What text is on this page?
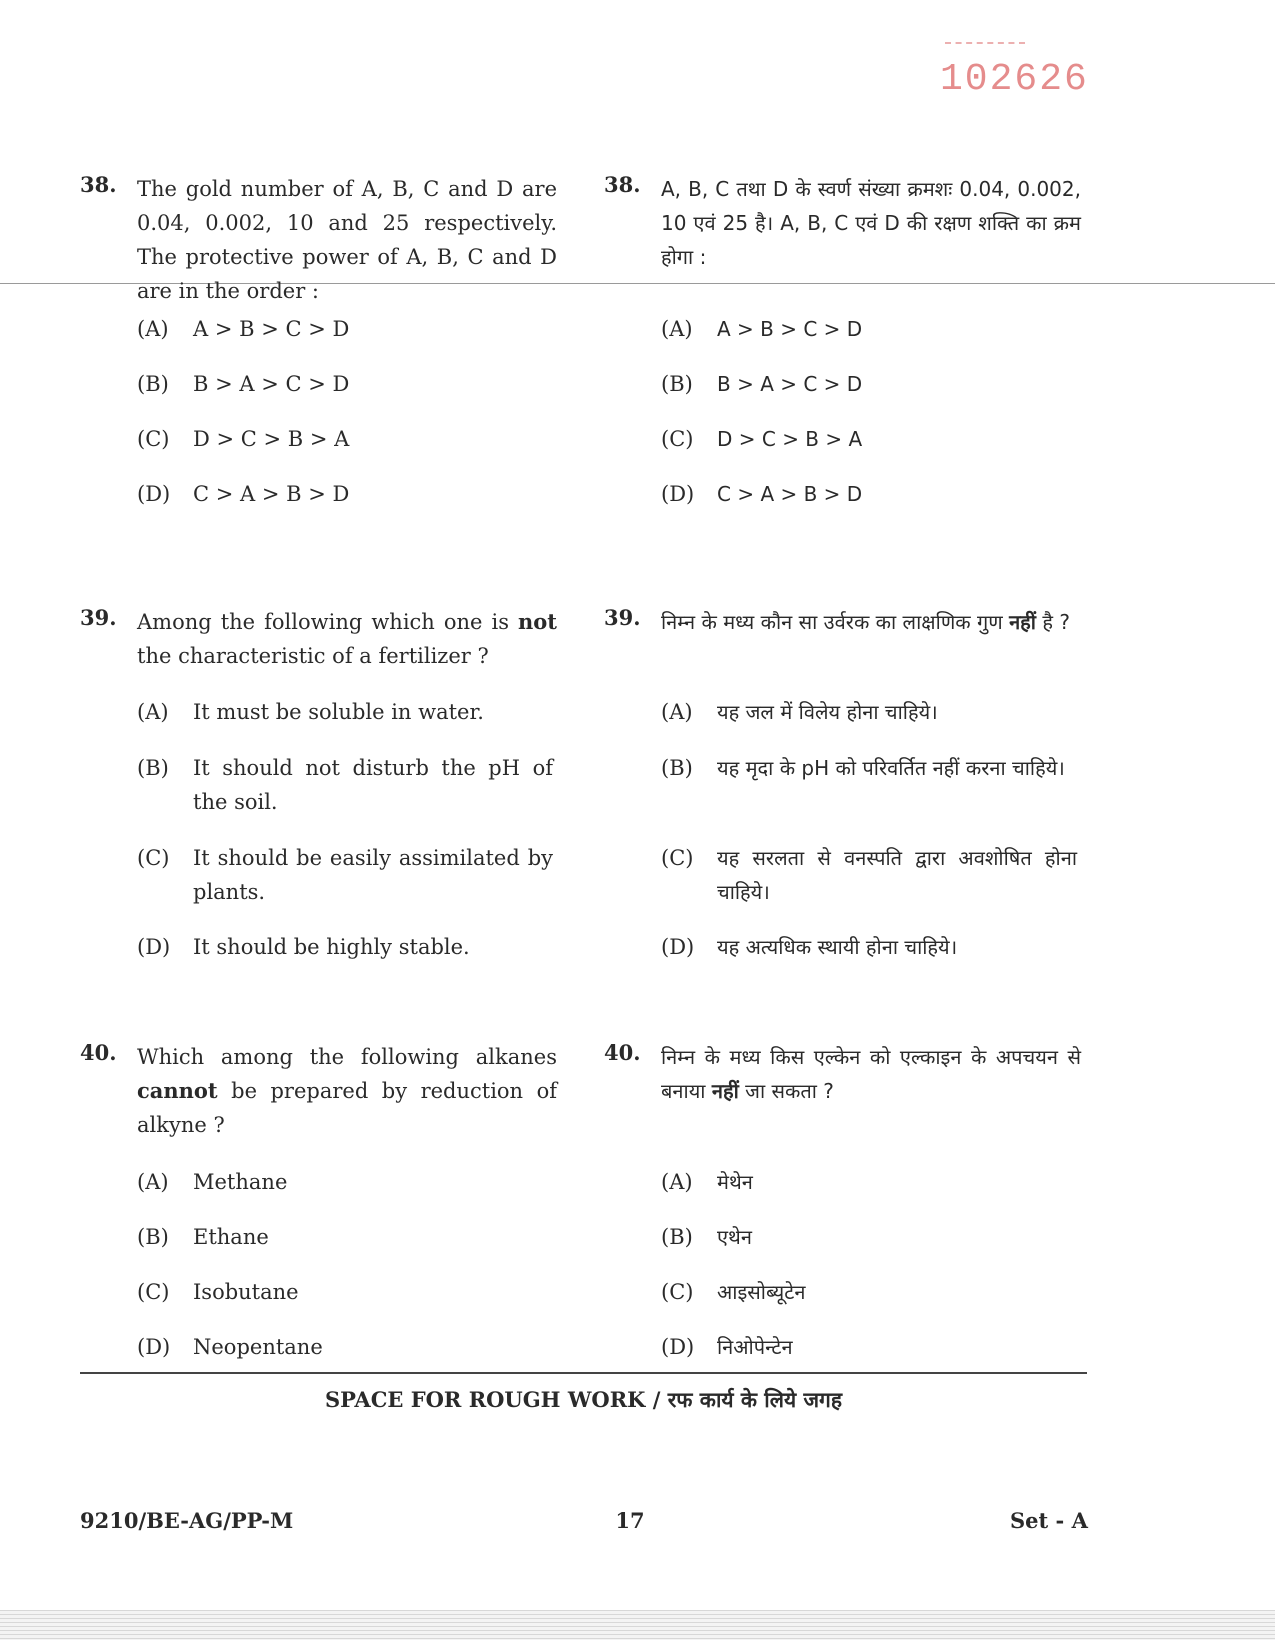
102626
38. The gold number of A, B, C and D are 0.04, 0.002, 10 and 25 respectively. The protective power of A, B, C and D are in the order :
(A) A > B > C > D
(B) B > A > C > D
(C) D > C > B > A
(D) C > A > B > D
39. Among the following which one is not the characteristic of a fertilizer ?
(A) It must be soluble in water.
(B) It should not disturb the pH of the soil.
(C) It should be easily assimilated by plants.
(D) It should be highly stable.
40. Which among the following alkanes cannot be prepared by reduction of alkyne ?
(A) Methane
(B) Ethane
(C) Isobutane
(D) Neopentane
38. A, B, C तथा D के स्वर्ण संख्या क्रमशः 0.04, 0.002, 10 एवं 25 है। A, B, C एवं D की रक्षण शक्ति का क्रम होगा :
(A) A > B > C > D
(B) B > A > C > D
(C) D > C > B > A
(D) C > A > B > D
39. निम्न के मध्य कौन सा उर्वरक का लाक्षणिक गुण नहीं है ?
(A) यह जल में विलेय होना चाहिये।
(B) यह मृदा के pH को परिवर्तित नहीं करना चाहिये।
(C) यह सरलता से वनस्पति द्वारा अवशोषित होना चाहिये।
(D) यह अत्यधिक स्थायी होना चाहिये।
40. निम्न के मध्य किस एल्केन को एल्काइन के अपचयन से बनाया नहीं जा सकता ?
(A) मेथेन
(B) एथेन
(C) आइसोब्यूटेन
(D) निओपेन्टेन
SPACE FOR ROUGH WORK / रफ कार्य के लिये जगह
9210/BE-AG/PP-M	17	Set - A
